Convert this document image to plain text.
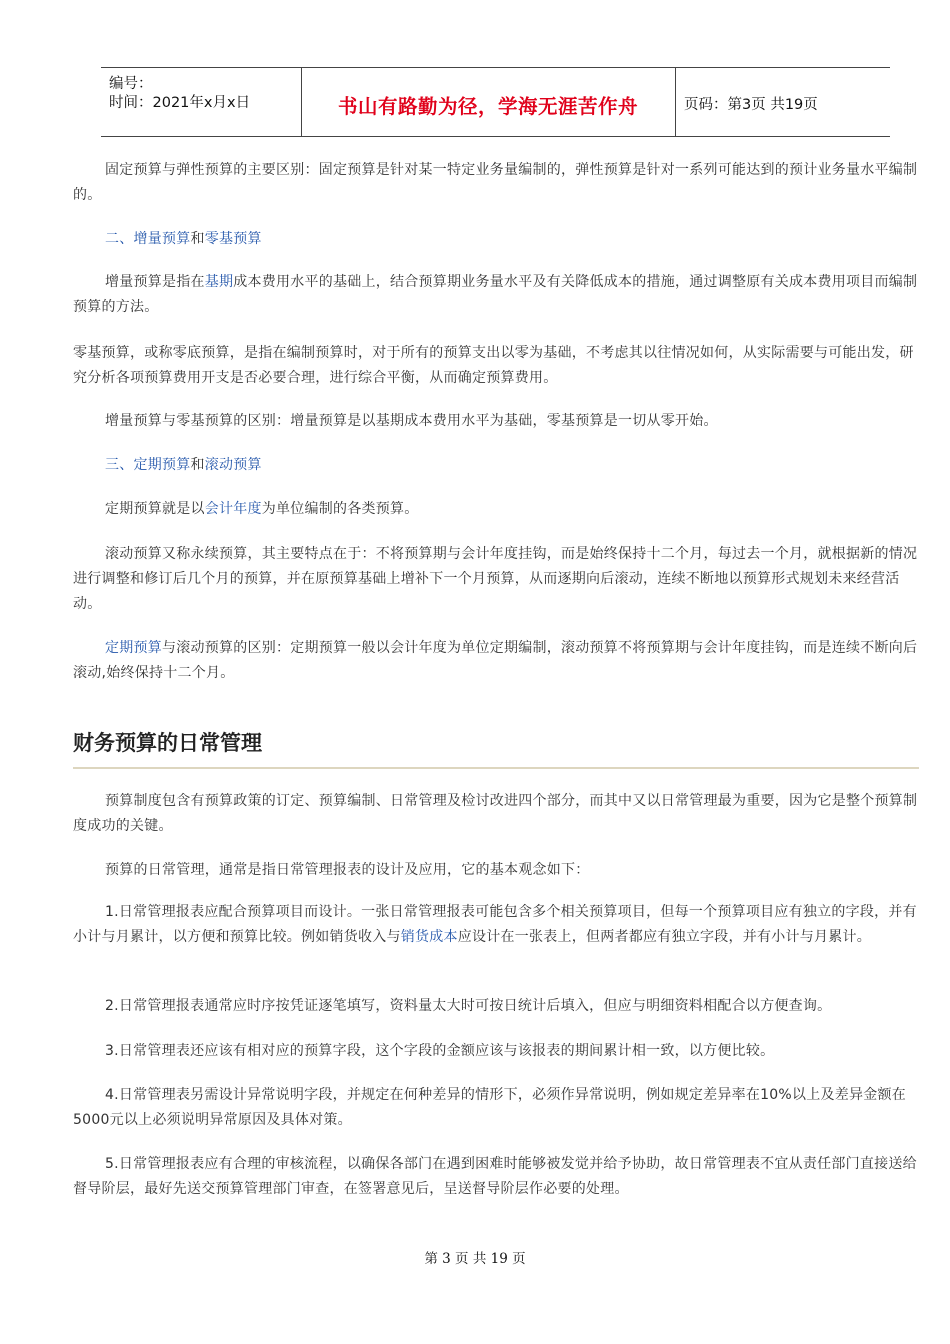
编号：
时间：2021年x月x日	书山有路勤为径，学海无涯苦作舟	页码：第3页 共19页

固定预算与弹性预算的主要区别：固定预算是针对某一特定业务量编制的，弹性预算是针对一系列可能达到的预计业务量水平编制的。

二、增量预算和零基预算

增量预算是指在基期成本费用水平的基础上，结合预算期业务量水平及有关降低成本的措施，通过调整原有关成本费用项目而编制预算的方法。

零基预算，或称零底预算，是指在编制预算时，对于所有的预算支出以零为基础，不考虑其以往情况如何，从实际需要与可能出发，研究分析各项预算费用开支是否必要合理，进行综合平衡，从而确定预算费用。

增量预算与零基预算的区别：增量预算是以基期成本费用水平为基础，零基预算是一切从零开始。

三、定期预算和滚动预算

定期预算就是以会计年度为单位编制的各类预算。

滚动预算又称永续预算，其主要特点在于：不将预算期与会计年度挂钩，而是始终保持十二个月，每过去一个月，就根据新的情况进行调整和修订后几个月的预算，并在原预算基础上增补下一个月预算，从而逐期向后滚动，连续不断地以预算形式规划未来经营活动。

定期预算与滚动预算的区别：定期预算一般以会计年度为单位定期编制，滚动预算不将预算期与会计年度挂钩，而是连续不断向后滚动,始终保持十二个月。

财务预算的日常管理

预算制度包含有预算政策的订定、预算编制、日常管理及检讨改进四个部分，而其中又以日常管理最为重要，因为它是整个预算制度成功的关键。

预算的日常管理，通常是指日常管理报表的设计及应用，它的基本观念如下：

1.日常管理报表应配合预算项目而设计。一张日常管理报表可能包含多个相关预算项目，但每一个预算项目应有独立的字段，并有小计与月累计，以方便和预算比较。例如销货收入与销货成本应设计在一张表上，但两者都应有独立字段，并有小计与月累计。

2.日常管理报表通常应时序按凭证逐笔填写，资料量太大时可按日统计后填入，但应与明细资料相配合以方便查询。

3.日常管理表还应该有相对应的预算字段，这个字段的金额应该与该报表的期间累计相一致，以方便比较。

4.日常管理表另需设计异常说明字段，并规定在何种差异的情形下，必须作异常说明，例如规定差异率在10%以上及差异金额在5000元以上必须说明异常原因及具体对策。

5.日常管理报表应有合理的审核流程，以确保各部门在遇到困难时能够被发觉并给予协助，故日常管理表不宜从责任部门直接送给督导阶层，最好先送交预算管理部门审查，在签署意见后，呈送督导阶层作必要的处理。

第 3 页 共 19 页
